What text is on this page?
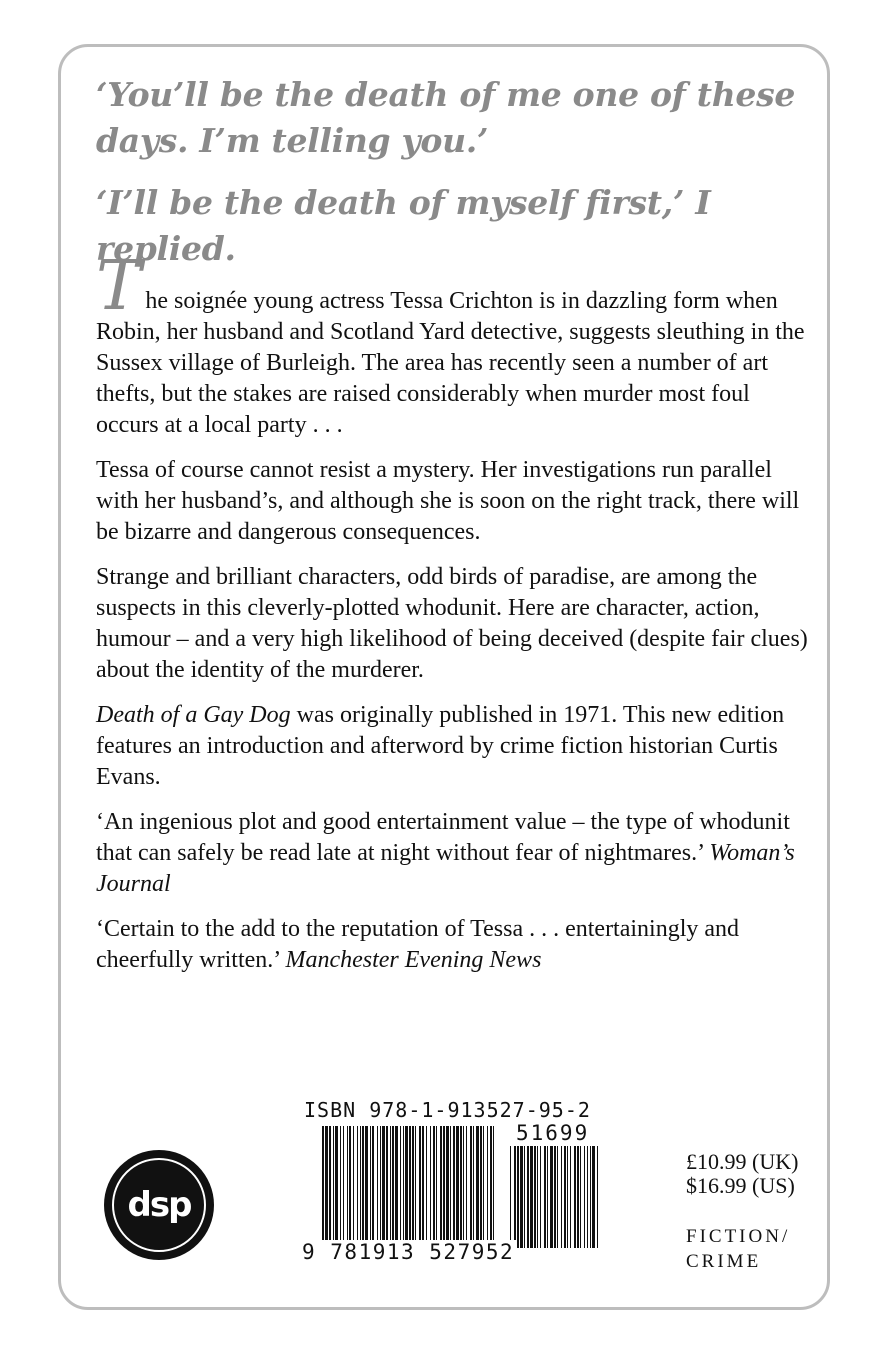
‘You’ll be the death of me one of these days. I’m telling you.’

‘I’ll be the death of myself first,’ I replied.

T he soignée young actress Tessa Crichton is in dazzling form when Robin, her husband and Scotland Yard detective, suggests sleuthing in the Sussex village of Burleigh. The area has recently seen a number of art thefts, but the stakes are raised considerably when murder most foul occurs at a local party . . .

Tessa of course cannot resist a mystery. Her investigations run parallel with her husband’s, and although she is soon on the right track, there will be bizarre and dangerous consequences.

Strange and brilliant characters, odd birds of paradise, are among the suspects in this cleverly-plotted whodunit. Here are character, action, humour – and a very high likelihood of being deceived (despite fair clues) about the identity of the murderer.

Death of a Gay Dog was originally published in 1971. This new edition features an introduction and afterword by crime fiction historian Curtis Evans.

‘An ingenious plot and good entertainment value – the type of whodunit that can safely be read late at night without fear of nightmares.’ Woman’s Journal

‘Certain to the add to the reputation of Tessa . . . entertainingly and cheerfully written.’ Manchester Evening News

dsp
ISBN 978-1-913527-95-2
51699
9 781913 527952
£10.99 (UK)
$16.99 (US)
FICTION/
CRIME
